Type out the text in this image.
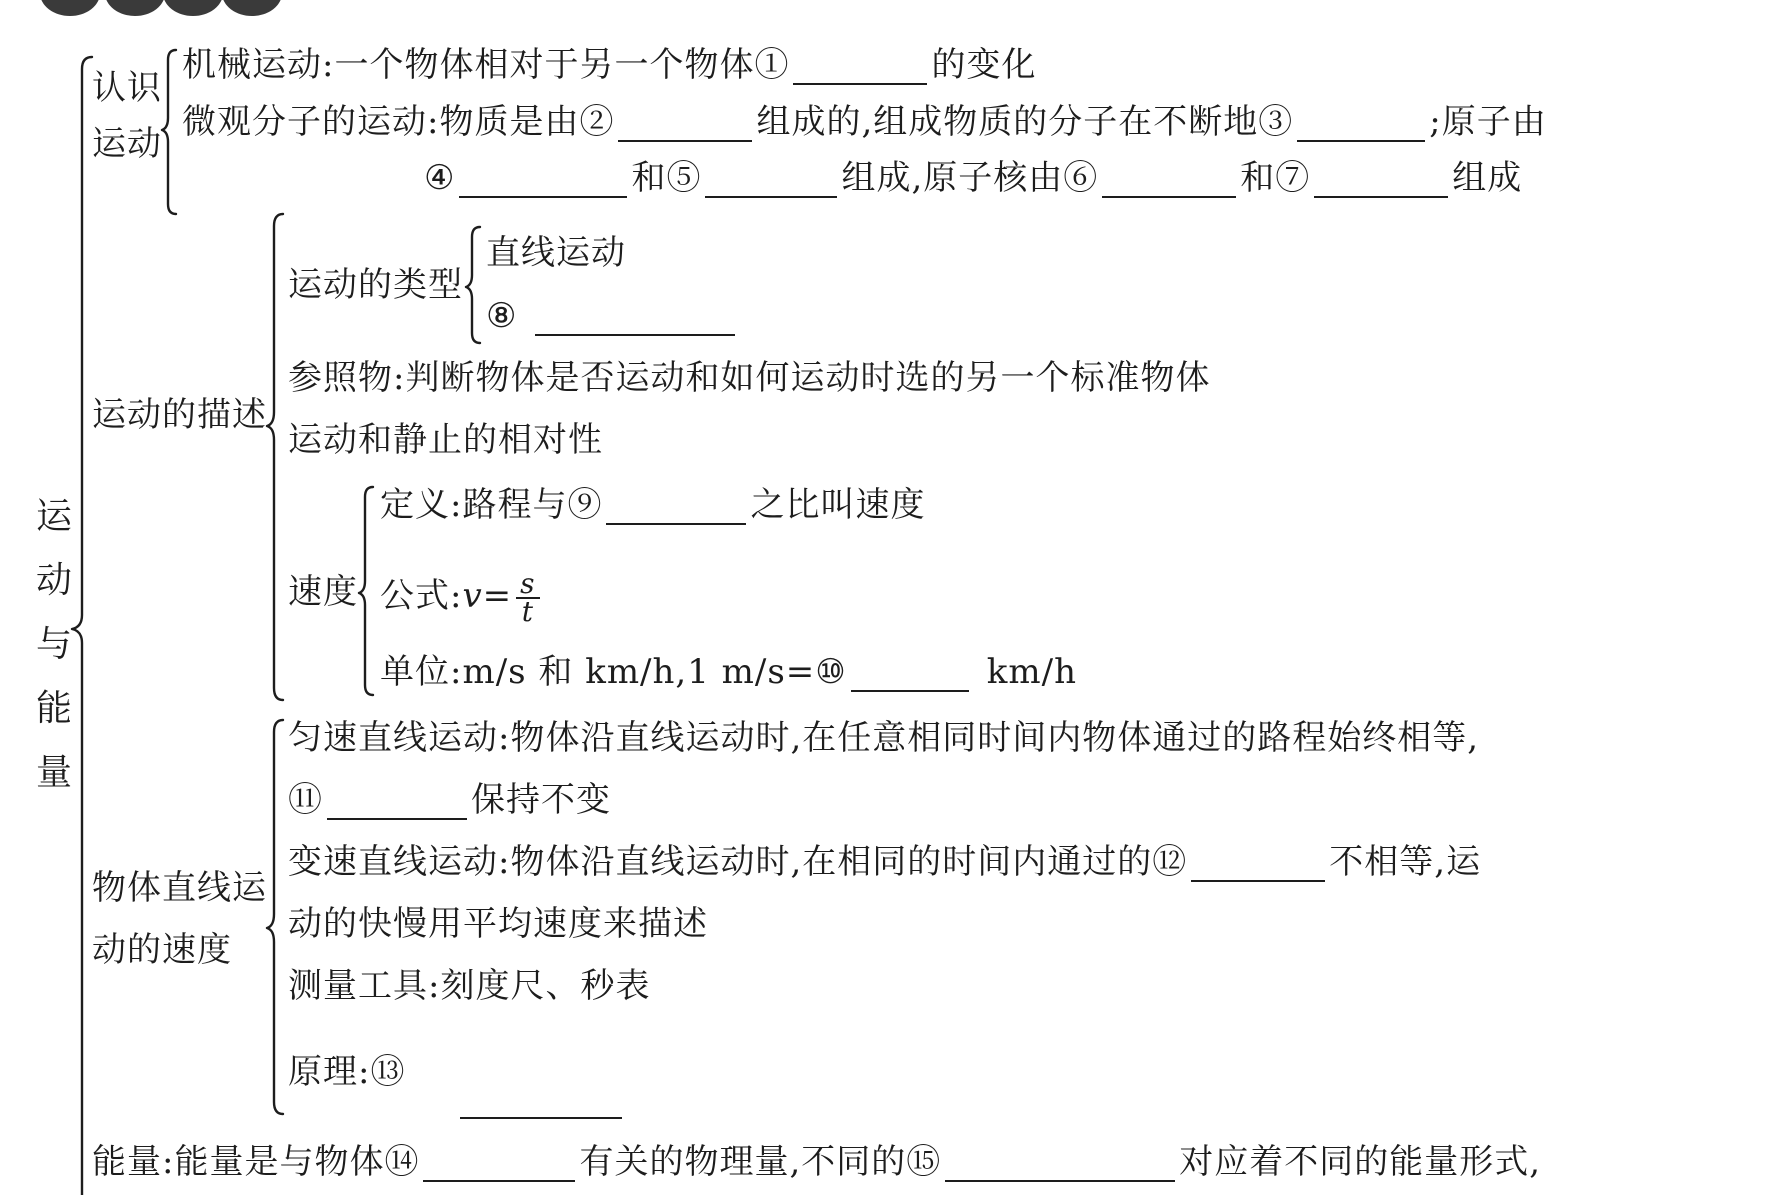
运动与能量
认识
运动
机械运动:一个物体相对于另一个物体①	的变化
微观分子的运动:物质是由②	组成的,组成物质的分子在不断地③	;原子由
④	和⑤	组成,原子核由⑥	和⑦	组成
运动的描述
运动的类型
直线运动
⑧
参照物:判断物体是否运动和如何运动时选的另一个标准物体
运动和静止的相对性
速度
定义:路程与⑨	之比叫速度
公式:v= $\frac{s}{t}$
单位:m/s 和 km/h,1 m/s=⑩	km/h
物体直线运
动的速度
匀速直线运动:物体沿直线运动时,在任意相同时间内物体通过的路程始终相等,
⑪	保持不变
变速直线运动:物体沿直线运动时,在相同的时间内通过的⑫	不相等,运
动的快慢用平均速度来描述
测量工具:刻度尺、秒表
原理:⑬
能量:能量是与物体⑭	有关的物理量,不同的⑮	对应着不同的能量形式,
